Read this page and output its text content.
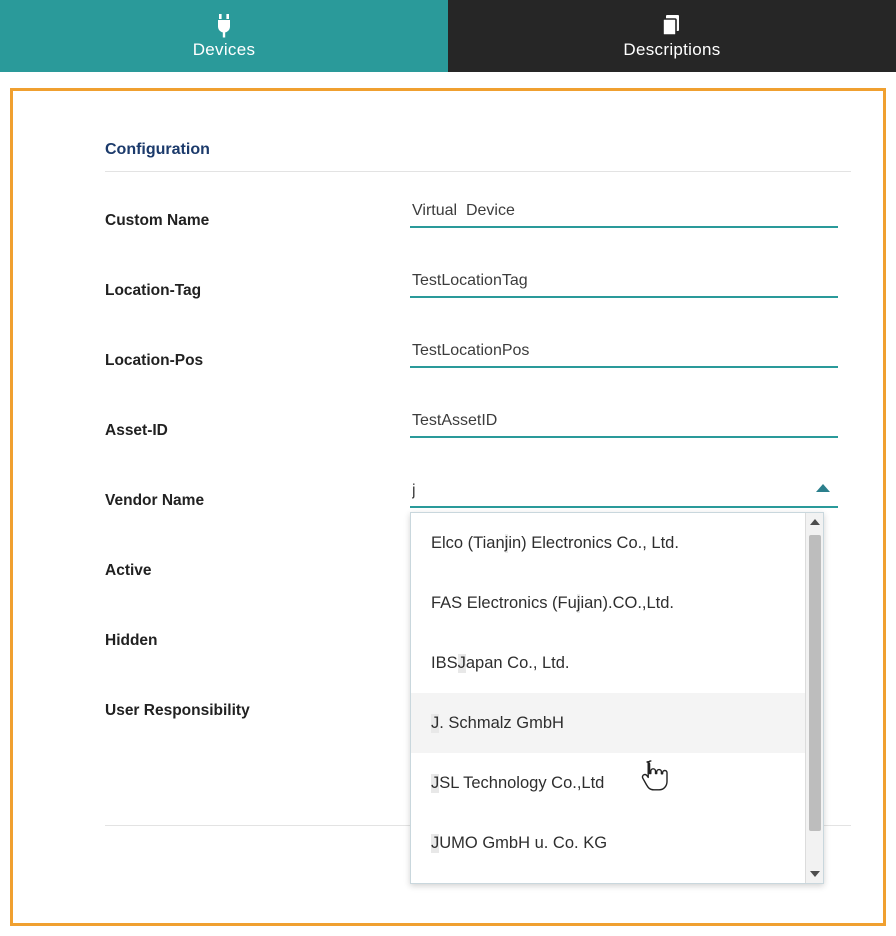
Devices	Descriptions
Configuration
Custom Name
Virtual Device
Location-Tag
TestLocationTag
Location-Pos
TestLocationPos
Asset-ID
TestAssetID
Vendor Name
j
Elco (Tian j in) Electronics Co., Ltd.
FAS Electronics (Fu j ian).CO.,Ltd.
IBS J apan Co., Ltd.
J . Schmalz GmbH
J SL Technology Co.,Ltd
J UMO GmbH u. Co. KG
Active
Hidden
User Responsibility
